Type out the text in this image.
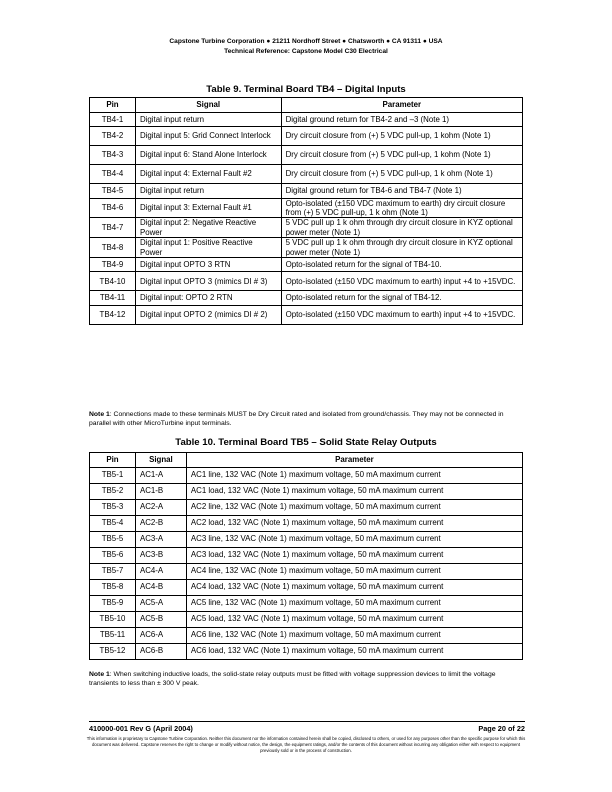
Capstone Turbine Corporation ● 21211 Nordhoff Street ● Chatsworth ● CA 91311 ● USA
Technical Reference: Capstone Model C30 Electrical
Table 9. Terminal Board TB4 – Digital Inputs
Pin	Signal	Parameter
TB4-1	Digital input return	Digital ground return for TB4-2 and –3 (Note 1)
TB4-2	Digital input 5: Grid Connect Interlock	Dry circuit closure from (+) 5 VDC pull-up, 1 kohm (Note 1)
TB4-3	Digital input 6: Stand Alone Interlock	Dry circuit closure from (+) 5 VDC pull-up, 1 kohm (Note 1)
TB4-4	Digital input 4: External Fault #2	Dry circuit closure from (+) 5 VDC pull-up, 1 k ohm (Note 1)
TB4-5	Digital input return	Digital ground return for TB4-6 and TB4-7 (Note 1)
TB4-6	Digital input 3: External Fault #1	Opto-isolated (±150 VDC maximum to earth) dry circuit closure from (+) 5 VDC pull-up, 1 k ohm (Note 1)
TB4-7	Digital input 2: Negative Reactive Power	5 VDC pull up 1 k ohm through dry circuit closure in KYZ optional power meter (Note 1)
TB4-8	Digital input 1: Positive Reactive Power	5 VDC pull up 1 k ohm through dry circuit closure in KYZ optional power meter (Note 1)
TB4-9	Digital input OPTO 3 RTN	Opto-isolated return for the signal of TB4-10.
TB4-10	Digital input OPTO 3 (mimics DI # 3)	Opto-isolated (±150 VDC maximum to earth) input +4 to +15VDC.
TB4-11	Digital input: OPTO 2 RTN	Opto-isolated return for the signal of TB4-12.
TB4-12	Digital input OPTO 2 (mimics DI # 2)	Opto-isolated (±150 VDC maximum to earth) input +4 to +15VDC.
Note 1: Connections made to these terminals MUST be Dry Circuit rated and isolated from ground/chassis. They may not be connected in parallel with other MicroTurbine input terminals.
Table 10. Terminal Board TB5 – Solid State Relay Outputs
Pin	Signal	Parameter
TB5-1	AC1-A	AC1 line, 132 VAC (Note 1) maximum voltage, 50 mA maximum current
TB5-2	AC1-B	AC1 load, 132 VAC (Note 1) maximum voltage, 50 mA maximum current
TB5-3	AC2-A	AC2 line, 132 VAC (Note 1) maximum voltage, 50 mA maximum current
TB5-4	AC2-B	AC2 load, 132 VAC (Note 1) maximum voltage, 50 mA maximum current
TB5-5	AC3-A	AC3 line, 132 VAC (Note 1) maximum voltage, 50 mA maximum current
TB5-6	AC3-B	AC3 load, 132 VAC (Note 1) maximum voltage, 50 mA maximum current
TB5-7	AC4-A	AC4 line, 132 VAC (Note 1) maximum voltage, 50 mA maximum current
TB5-8	AC4-B	AC4 load, 132 VAC (Note 1) maximum voltage, 50 mA maximum current
TB5-9	AC5-A	AC5 line, 132 VAC (Note 1) maximum voltage, 50 mA maximum current
TB5-10	AC5-B	AC5 load, 132 VAC (Note 1) maximum voltage, 50 mA maximum current
TB5-11	AC6-A	AC6 line, 132 VAC (Note 1) maximum voltage, 50 mA maximum current
TB5-12	AC6-B	AC6 load, 132 VAC (Note 1) maximum voltage, 50 mA maximum current
Note 1: When switching inductive loads, the solid-state relay outputs must be fitted with voltage suppression devices to limit the voltage transients to less than ± 300 V peak.
410000-001 Rev G (April 2004)	Page 20 of 22
This information is proprietary to Capstone Turbine Corporation. Neither this document nor the information contained herein shall be copied, disclosed to others, or used for any purposes other than the specific purpose for which this document was delivered. Capstone reserves the right to change or modify without notice, the design, the equipment ratings, and/or the contents of this document without incurring any obligation either with respect to equipment previously sold or in the process of construction.
